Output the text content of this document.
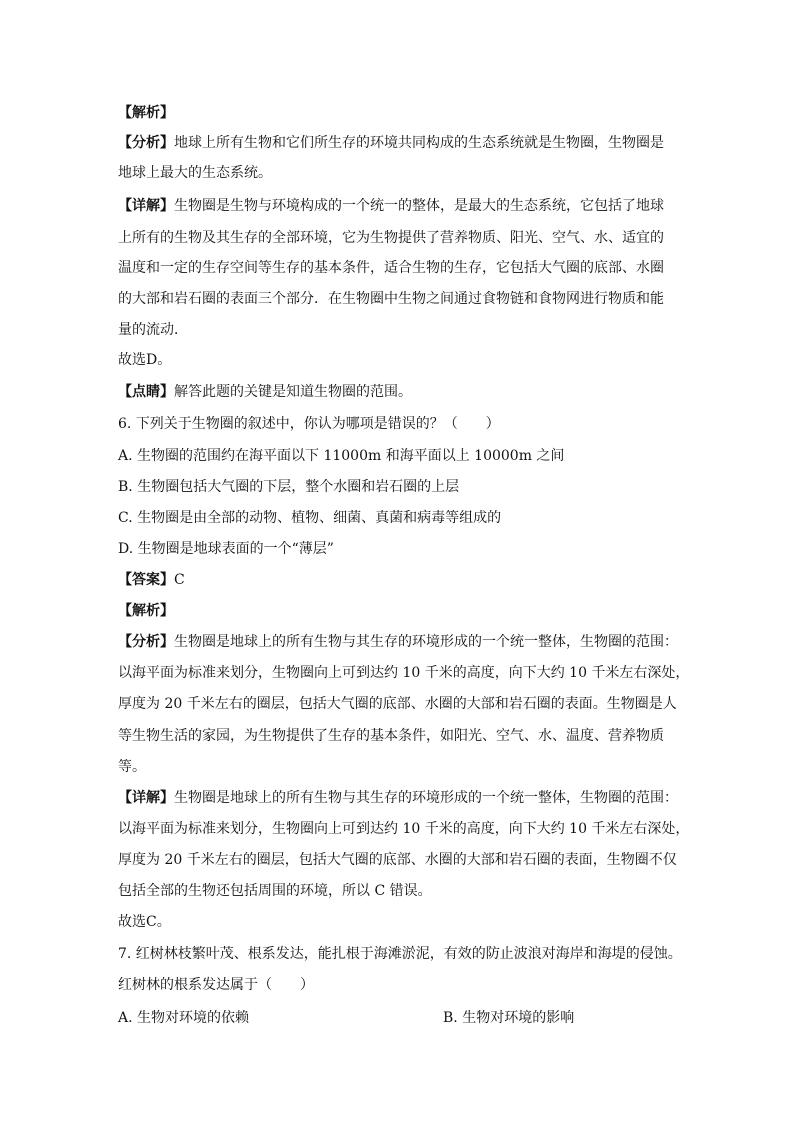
【解析】
【分析】地球上所有生物和它们所生存的环境共同构成的生态系统就是生物圈，生物圈是
地球上最大的生态系统。
【详解】生物圈是生物与环境构成的一个统一的整体，是最大的生态系统，它包括了地球
上所有的生物及其生存的全部环境，它为生物提供了营养物质、阳光、空气、水、适宜的
温度和一定的生存空间等生存的基本条件，适合生物的生存，它包括大气圈的底部、水圈
的大部和岩石圈的表面三个部分．在生物圈中生物之间通过食物链和食物网进行物质和能
量的流动．
故选D。
【点睛】解答此题的关键是知道生物圈的范围。
6. 下列关于生物圈的叙述中，你认为哪项是错误的？（　　）
A. 生物圈的范围约在海平面以下 11000m 和海平面以上 10000m 之间
B. 生物圈包括大气圈的下层，整个水圈和岩石圈的上层
C. 生物圈是由全部的动物、植物、细菌、真菌和病毒等组成的
D. 生物圈是地球表面的一个“薄层”
【答案】C
【解析】
【分析】生物圈是地球上的所有生物与其生存的环境形成的一个统一整体，生物圈的范围：
以海平面为标准来划分，生物圈向上可到达约 10 千米的高度，向下大约 10 千米左右深处，
厚度为 20 千米左右的圈层，包括大气圈的底部、水圈的大部和岩石圈的表面。生物圈是人
等生物生活的家园，为生物提供了生存的基本条件，如阳光、空气、水、温度、营养物质
等。
【详解】生物圈是地球上的所有生物与其生存的环境形成的一个统一整体，生物圈的范围：
以海平面为标准来划分，生物圈向上可到达约 10 千米的高度，向下大约 10 千米左右深处，
厚度为 20 千米左右的圈层，包括大气圈的底部、水圈的大部和岩石圈的表面，生物圈不仅
包括全部的生物还包括周围的环境，所以 C 错误。
故选C。
7. 红树林枝繁叶茂、根系发达，能扎根于海滩淤泥，有效的防止波浪对海岸和海堤的侵蚀。
红树林的根系发达属于（　　）
A. 生物对环境的依赖	B. 生物对环境的影响
